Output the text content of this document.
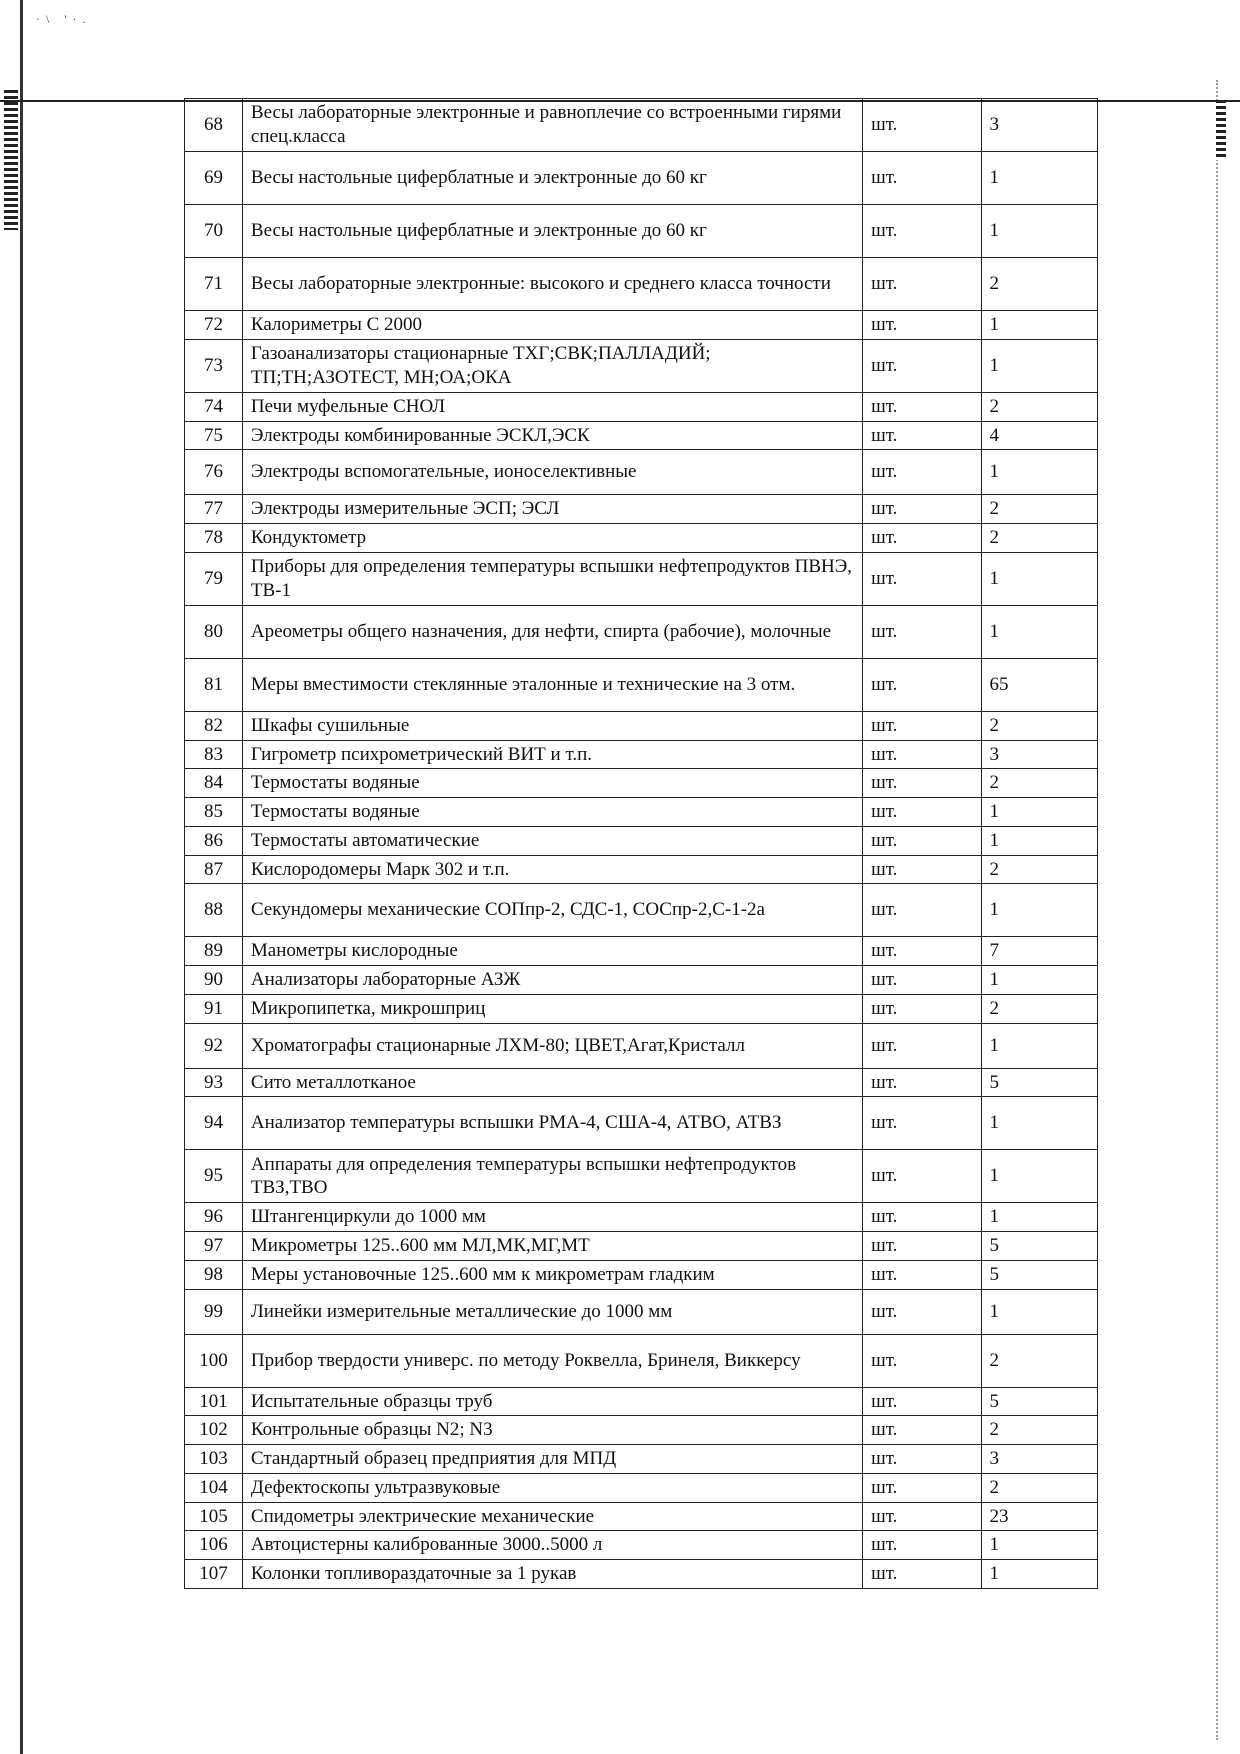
·\ '·.
68	Весы лабораторные электронные и равноплечие со встроенными гирями спец.класса	шт.	3
69	Весы настольные циферблатные и электронные до 60 кг	шт.	1
70	Весы настольные циферблатные и электронные до 60 кг	шт.	1
71	Весы лабораторные электронные: высокого и среднего класса точности	шт.	2
72	Калориметры С 2000	шт.	1
73	Газоанализаторы стационарные ТХГ;СВК;ПАЛЛАДИЙ; ТП;ТН;АЗОТЕСТ, МН;ОА;ОКА	шт.	1
74	Печи муфельные СНОЛ	шт.	2
75	Электроды комбинированные ЭСКЛ,ЭСК	шт.	4
76	Электроды вспомогательные, ионоселективные	шт.	1
77	Электроды измерительные ЭСП; ЭСЛ	шт.	2
78	Кондуктометр	шт.	2
79	Приборы для определения температуры вспышки нефтепродуктов ПВНЭ, ТВ-1	шт.	1
80	Ареометры общего назначения, для нефти, спирта (рабочие), молочные	шт.	1
81	Меры вместимости стеклянные эталонные и технические на 3 отм.	шт.	65
82	Шкафы сушильные	шт.	2
83	Гигрометр психрометрический ВИТ и т.п.	шт.	3
84	Термостаты водяные	шт.	2
85	Термостаты водяные	шт.	1
86	Термостаты автоматические	шт.	1
87	Кислородомеры Марк 302 и т.п.	шт.	2
88	Секундомеры механические СОПпр-2, СДС-1, СОСпр-2,С-1-2а	шт.	1
89	Манометры кислородные	шт.	7
90	Анализаторы лабораторные АЗЖ	шт.	1
91	Микропипетка, микрошприц	шт.	2
92	Хроматографы стационарные ЛХМ-80; ЦВЕТ,Агат,Кристалл	шт.	1
93	Сито металлотканое	шт.	5
94	Анализатор температуры вспышки РМА-4, США-4, АТВО, АТВЗ	шт.	1
95	Аппараты для определения температуры вспышки нефтепродуктов ТВЗ,ТВО	шт.	1
96	Штангенциркули до 1000 мм	шт.	1
97	Микрометры 125..600 мм МЛ,МК,МГ,МТ	шт.	5
98	Меры установочные 125..600 мм к микрометрам гладким	шт.	5
99	Линейки измерительные металлические до 1000 мм	шт.	1
100	Прибор твердости универс. по методу Роквелла, Бринеля, Виккерсу	шт.	2
101	Испытательные образцы труб	шт.	5
102	Контрольные образцы N2; N3	шт.	2
103	Стандартный образец предприятия для МПД	шт.	3
104	Дефектоскопы ультразвуковые	шт.	2
105	Спидометры электрические механические	шт.	23
106	Автоцистерны калиброванные 3000..5000 л	шт.	1
107	Колонки топливораздаточные за 1 рукав	шт.	1
